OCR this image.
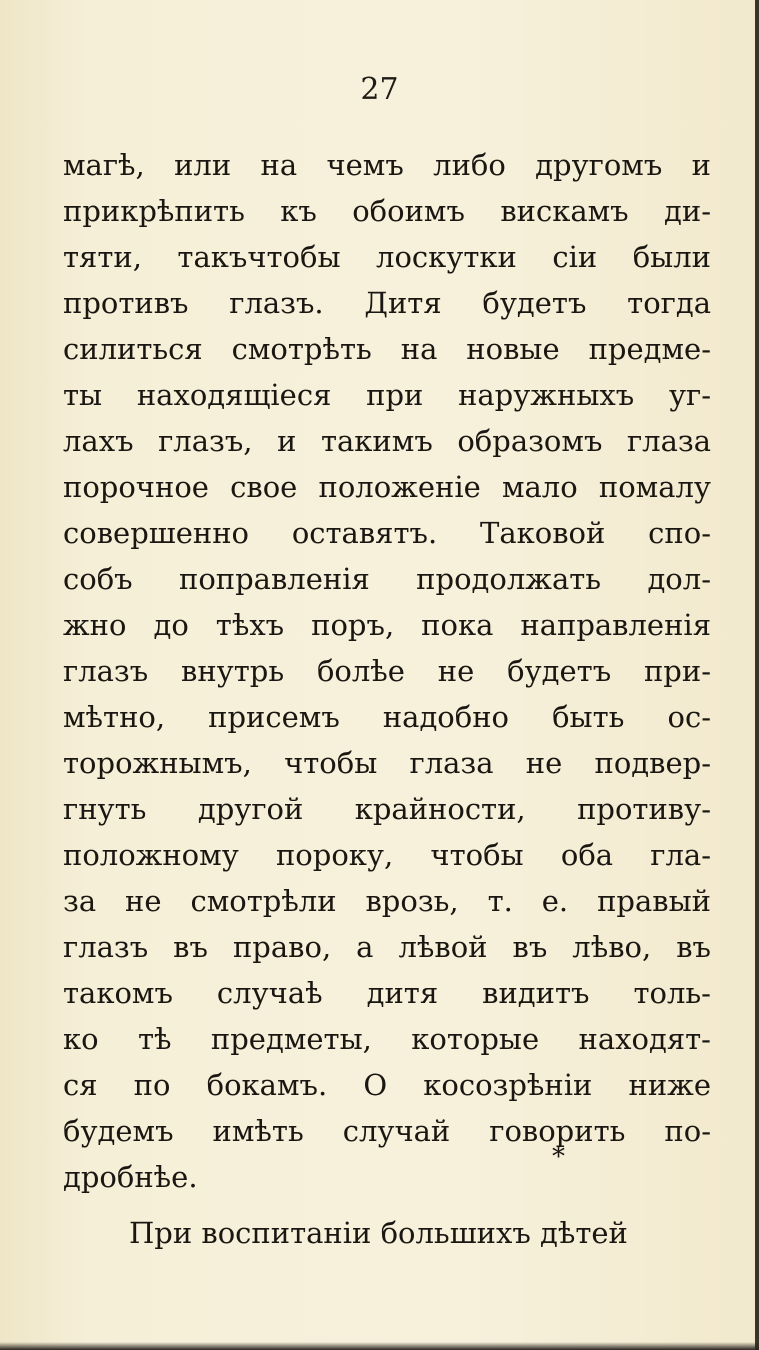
27
магѣ, или на чемъ либо другомъ и
прикрѣпить къ обоимъ вискамъ ди-
тяти, такъчтобы лоскутки сiи были
противъ глазъ. Дитя будетъ тогда
силиться смотрѣть на новые предме-
ты находящiеся при наружныхъ уг-
лахъ глазъ, и такимъ образомъ глаза
порочное свое положенiе мало помалу
совершенно оставятъ. Таковой спо-
собъ поправленiя продолжать дол-
жно до тѣхъ поръ, пока направленiя
глазъ внутрь болѣе не будетъ при-
мѣтно, присемъ надобно быть ос-
торожнымъ, чтобы глаза не подвер-
гнуть другой крайности, противу-
положному пороку, чтобы оба гла-
за не смотрѣли врозь, т. е. правый
глазъ въ право, а лѣвой въ лѣво, въ
такомъ случаѣ дитя видитъ толь-
ко тѣ предметы, которые находят-
ся по бокамъ. О косозрѣнiи ниже
будемъ имѣть случай говорить по-
дробнѣе.
При воспитанiи большихъ дѣтей
*
